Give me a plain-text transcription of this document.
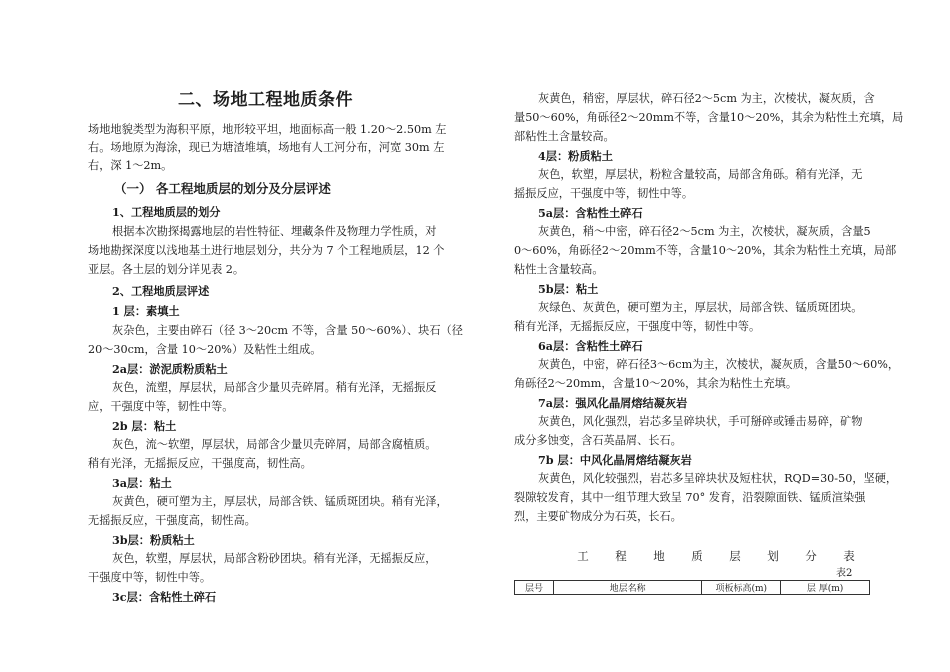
二、场地工程地质条件
场地地貌类型为海积平原，地形较平坦，地面标高一般 1.20～2.50m 左
右。场地原为海涂，现已为塘渣堆填，场地有人工河分布，河宽 30m 左
右，深 1～2m。
（一） 各工程地质层的划分及分层评述
1、工程地质层的划分
根据本次勘探揭露地层的岩性特征、埋藏条件及物理力学性质，对
场地勘探深度以浅地基土进行地层划分，共分为 7 个工程地质层，12 个
亚层。各土层的划分详见表 2。
2、工程地质层评述
1 层：素填土
灰杂色，主要由碎石（径 3～20cm 不等，含量 50～60%）、块石（径
20～30cm，含量 10～20%）及粘性土组成。
2a层：淤泥质粉质粘土
灰色，流塑，厚层状，局部含少量贝壳碎屑。稍有光泽，无摇振反
应，干强度中等，韧性中等。
2b 层：粘土
灰色，流～软塑，厚层状，局部含少量贝壳碎屑，局部含腐植质。
稍有光泽，无摇振反应，干强度高，韧性高。
3a层：粘土
灰黄色，硬可塑为主，厚层状，局部含铁、锰质斑团块。稍有光泽，
无摇振反应，干强度高，韧性高。
3b层：粉质粘土
灰色，软塑，厚层状，局部含粉砂团块。稍有光泽，无摇振反应，
干强度中等，韧性中等。
3c层：含粘性土碎石
灰黄色，稍密，厚层状，碎石径2～5cm 为主，次棱状，凝灰质，含
量50～60%，角砾径2～20mm不等，含量10～20%，其余为粘性土充填，局
部粘性土含量较高。
4层：粉质粘土
灰色，软塑，厚层状，粉粒含量较高，局部含角砾。稍有光泽，无
摇振反应，干强度中等，韧性中等。
5a层：含粘性土碎石
灰黄色，稍～中密，碎石径2～5cm 为主，次棱状，凝灰质，含量5
0～60%，角砾径2～20mm不等，含量10～20%，其余为粘性土充填，局部
粘性土含量较高。
5b层：粘土
灰绿色、灰黄色，硬可塑为主，厚层状，局部含铁、锰质斑团块。
稍有光泽，无摇振反应，干强度中等，韧性中等。
6a层：含粘性土碎石
灰黄色，中密，碎石径3～6cm为主，次棱状，凝灰质，含量50～60%，
角砾径2～20mm，含量10～20%，其余为粘性土充填。
7a层：强风化晶屑熔结凝灰岩
灰黄色，风化强烈，岩芯多呈碎块状，手可掰碎或锤击易碎，矿物
成分多蚀变，含石英晶屑、长石。
7b 层：中风化晶屑熔结凝灰岩
灰黄色，风化较强烈，岩芯多呈碎块状及短柱状，RQD=30-50，坚硬，
裂隙较发育，其中一组节理大致呈 70° 发育，沿裂隙面铁、锰质渲染强
烈，主要矿物成分为石英，长石。
工 程 地 质 层 划 分 表
表2
层号	地层名称	项板标高(m)	层 厚(m)
